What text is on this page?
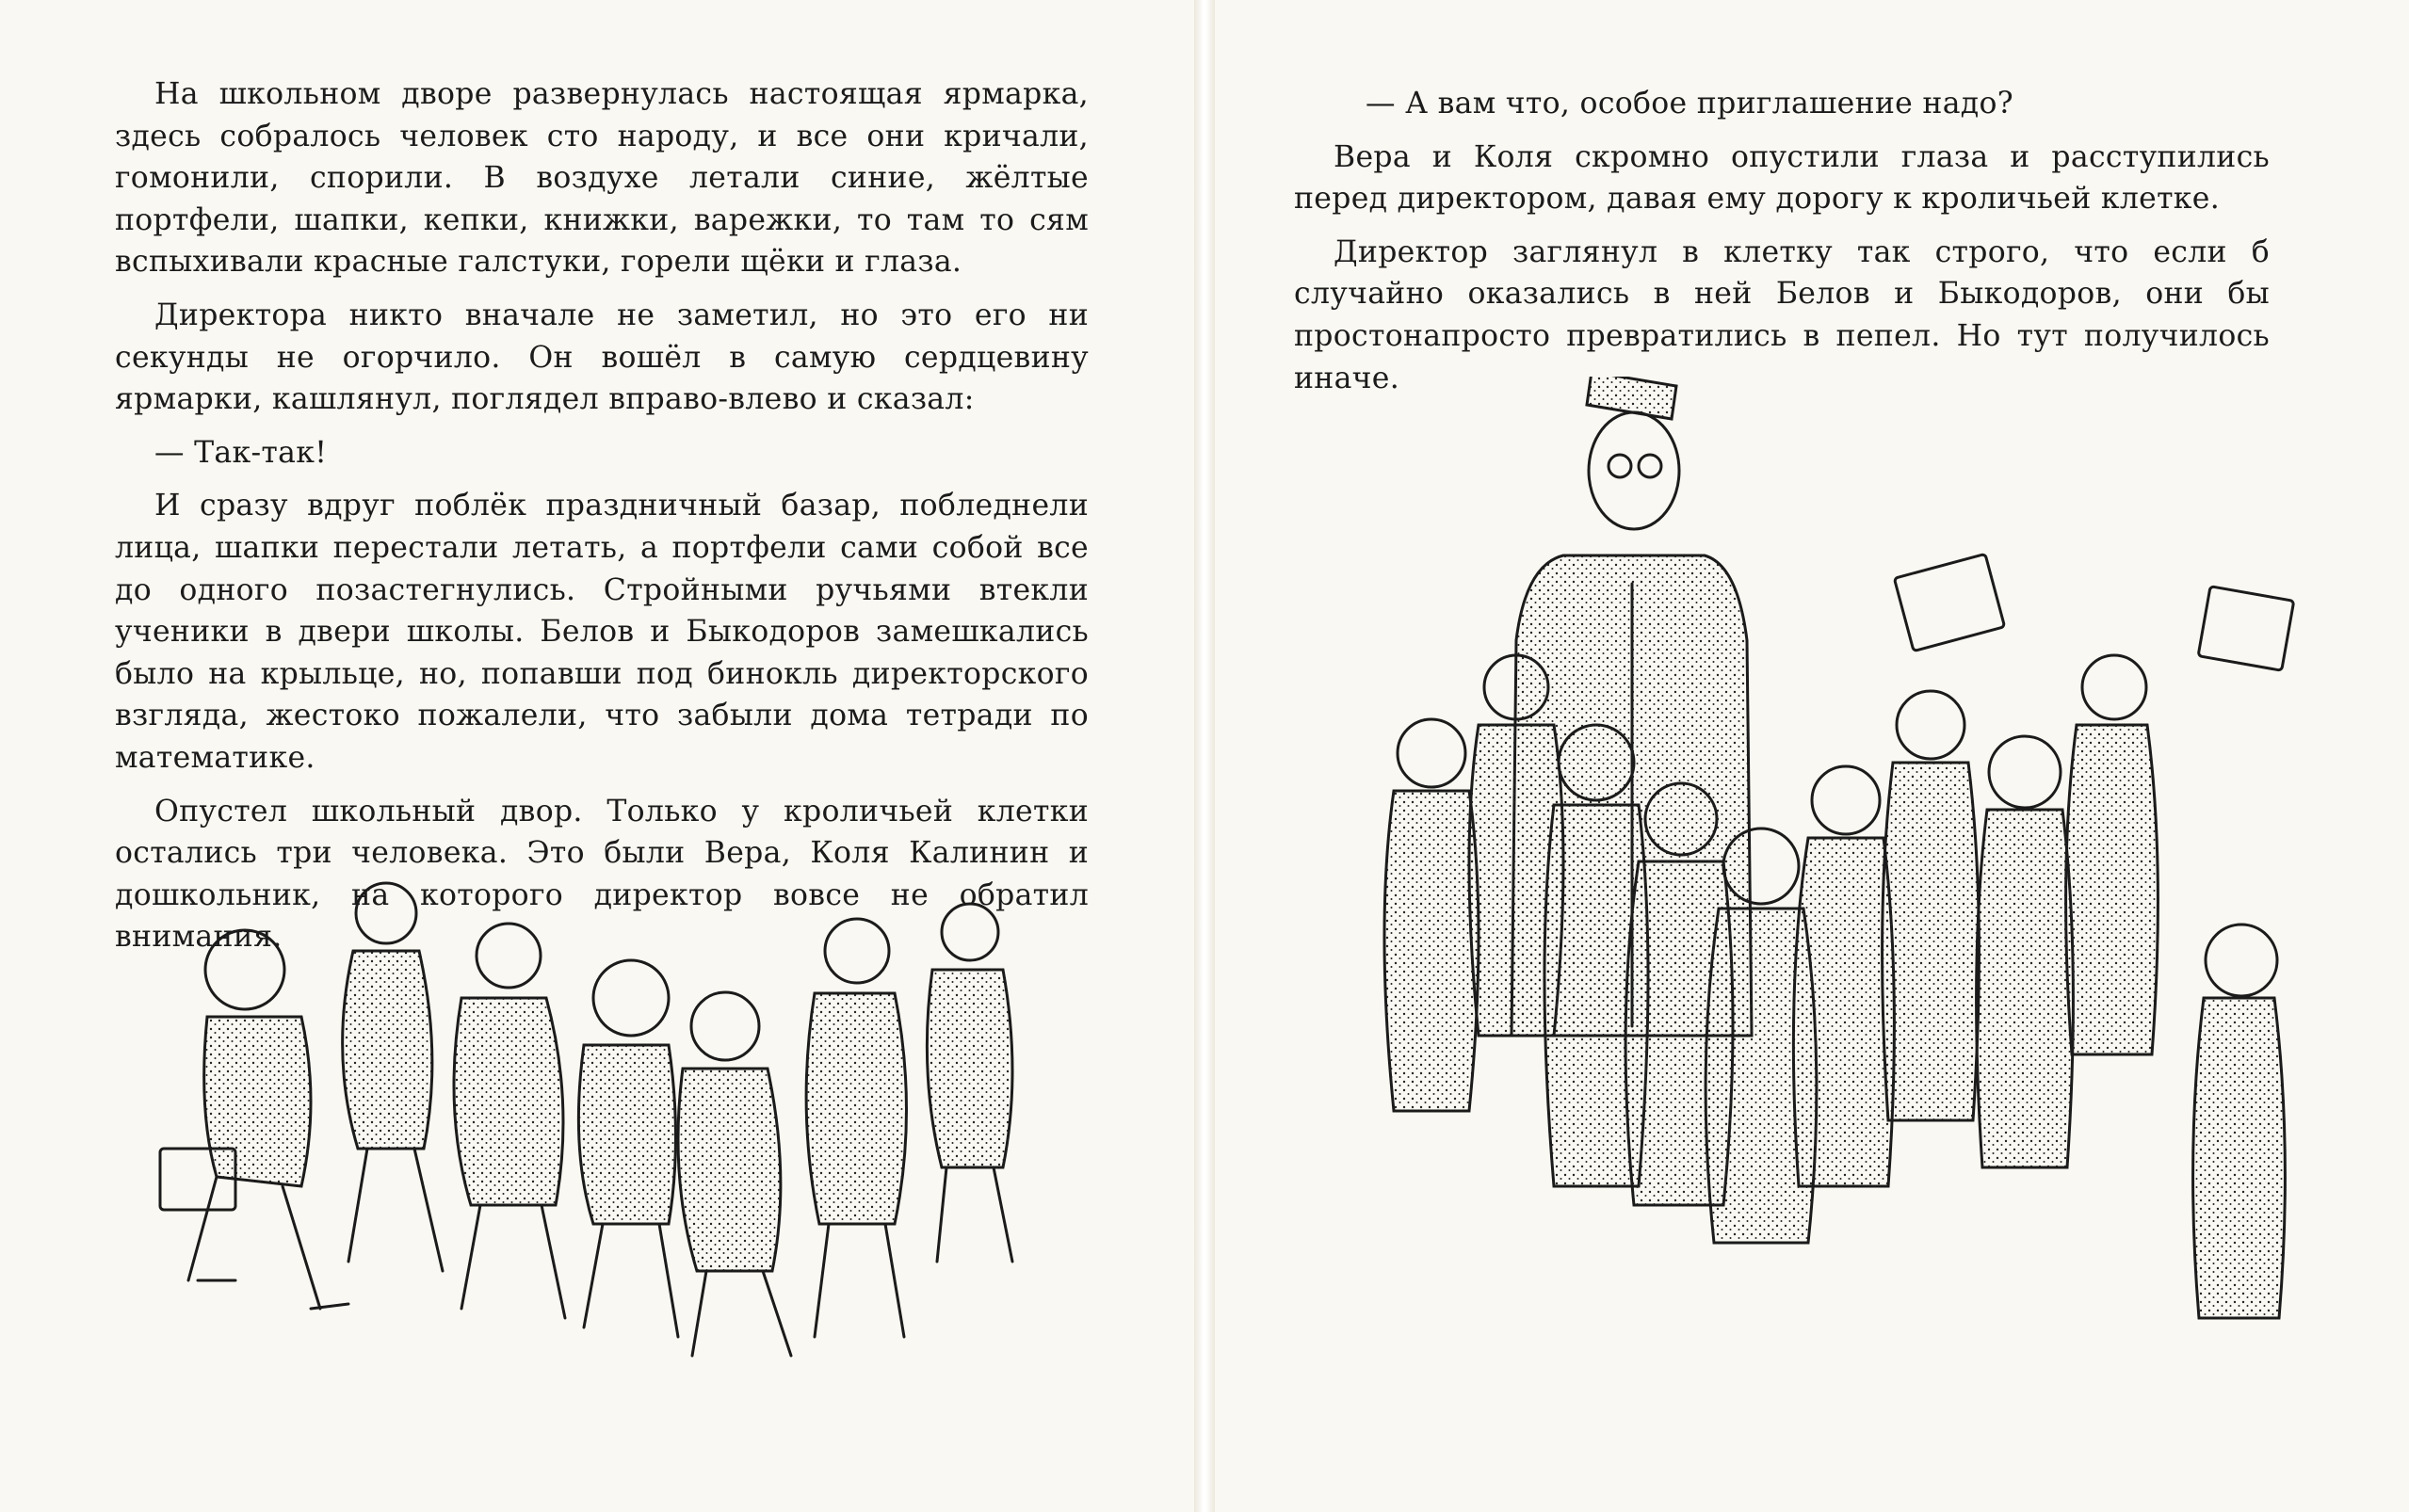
На школьном дворе развернулась настоящая ярмарка, здесь собралось человек сто народу, и все они кричали, гомонили, спорили. В воздухе летали синие, жёлтые портфели, шапки, кепки, книжки, варежки, то там то сям вспыхивали красные галстуки, горели щёки и глаза.

Директора никто вначале не заметил, но это его ни секунды не огорчило. Он вошёл в самую сердцевину ярмарки, кашлянул, поглядел вправо-влево и сказал:

— Так-так!

И сразу вдруг поблёк праздничный базар, побледнели лица, шапки перестали летать, а портфели сами собой все до одного позастегнулись. Стройными ручьями втекли ученики в двери школы. Белов и Быкодоров замешкались было на крыльце, но, попавши под бинокль директорского взгляда, жестоко пожалели, что забыли дома тетради по математике.

Опустел школьный двор. Только у кроличьей клетки остались три человека. Это были Вера, Коля Калинин и дошкольник, на которого директор вовсе не обратил внимания.

— А вам что, особое приглашение надо?

Вера и Коля скромно опустили глаза и расступились перед директором, давая ему дорогу к кроличьей клетке.

Директор заглянул в клетку так строго, что если б случайно оказались в ней Белов и Быкодоров, они бы простонапросто превратились в пепел. Но тут получилось иначе.
